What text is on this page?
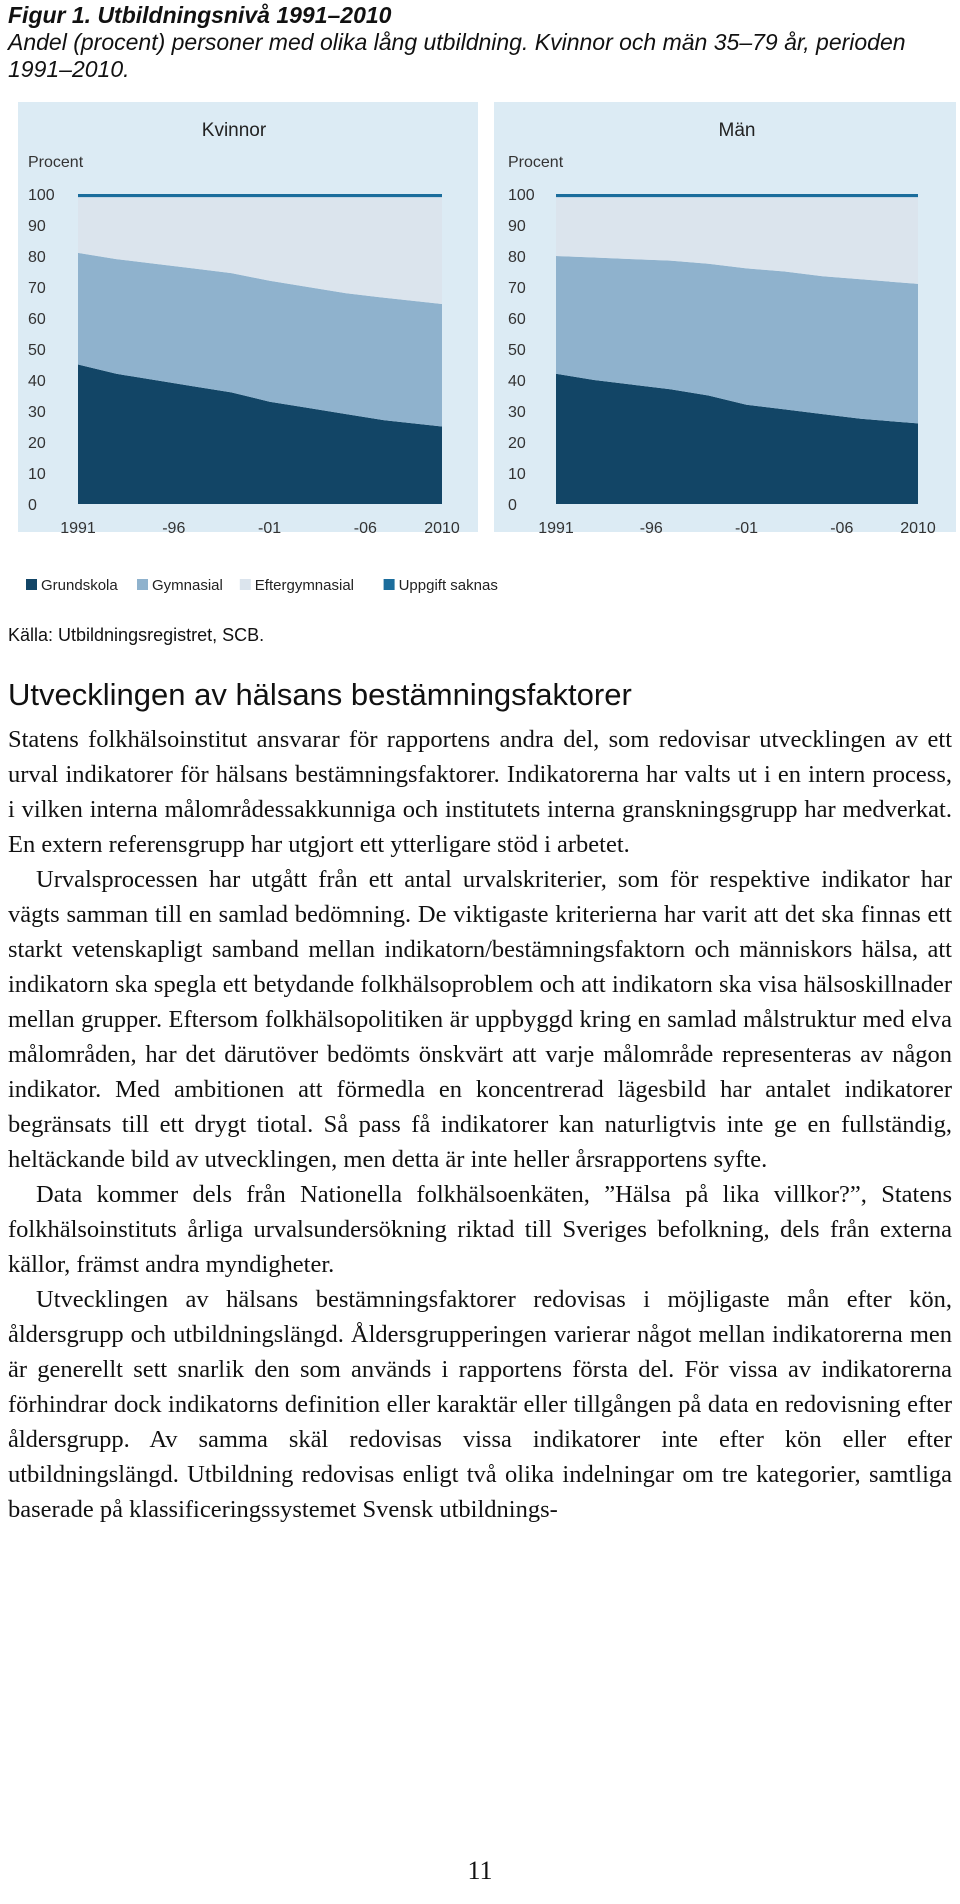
Figur 1. Utbildningsnivå 1991–2010
Andel (procent) personer med olika lång utbildning. Kvinnor och män 35–79 år, perioden 1991–2010.
Kvinnor
Procent
0
10
20
30
40
50
60
70
80
90
100
1991	-96	-01	-06	2010
Män
Procent
0
10
20
30
40
50
60
70
80
90
100
1991	-96	-01	-06	2010
Grundskola Gymnasial Eftergymnasial	Uppgift saknas
Källa: Utbildningsregistret, SCB.
Utvecklingen av hälsans bestämningsfaktorer

Statens folkhälsoinstitut ansvarar för rapportens andra del, som redovisar utvecklingen av ett urval indikatorer för hälsans bestämningsfaktorer. Indikatorerna har valts ut i en intern process, i vilken interna målområdessakkunniga och institutets interna granskningsgrupp har medverkat. En extern referensgrupp har utgjort ett ytterligare stöd i arbetet.

Urvalsprocessen har utgått från ett antal urvalskriterier, som för respektive indikator har vägts samman till en samlad bedömning. De viktigaste kriterierna har varit att det ska finnas ett starkt vetenskapligt samband mellan indikatorn/bestämningsfaktorn och människors hälsa, att indikatorn ska spegla ett betydande folkhälsoproblem och att indikatorn ska visa hälsoskillnader mellan grupper. Eftersom folkhälsopolitiken är uppbyggd kring en samlad målstruktur med elva målområden, har det därutöver bedömts önskvärt att varje målområde representeras av någon indikator. Med ambitionen att förmedla en koncentrerad lägesbild har antalet indikatorer begränsats till ett drygt tiotal. Så pass få indikatorer kan naturligtvis inte ge en fullständig, heltäckande bild av utvecklingen, men detta är inte heller årsrapportens syfte.

Data kommer dels från Nationella folkhälsoenkäten, ”Hälsa på lika villkor?”, Statens folkhälsoinstituts årliga urvalsundersökning riktad till Sveriges befolkning, dels från externa källor, främst andra myndigheter.

Utvecklingen av hälsans bestämningsfaktorer redovisas i möjligaste mån efter kön, åldersgrupp och utbildningslängd. Åldersgrupperingen varierar något mellan indikatorerna men är generellt sett snarlik den som används i rapportens första del. För vissa av indikatorerna förhindrar dock indikatorns definition eller karaktär eller tillgången på data en redovisning efter åldersgrupp. Av samma skäl redovisas vissa indikatorer inte efter kön eller efter utbildningslängd. Utbildning redovisas enligt två olika indelningar om tre kategorier, samtliga baserade på klassificeringssystemet Svensk utbildnings-

11
